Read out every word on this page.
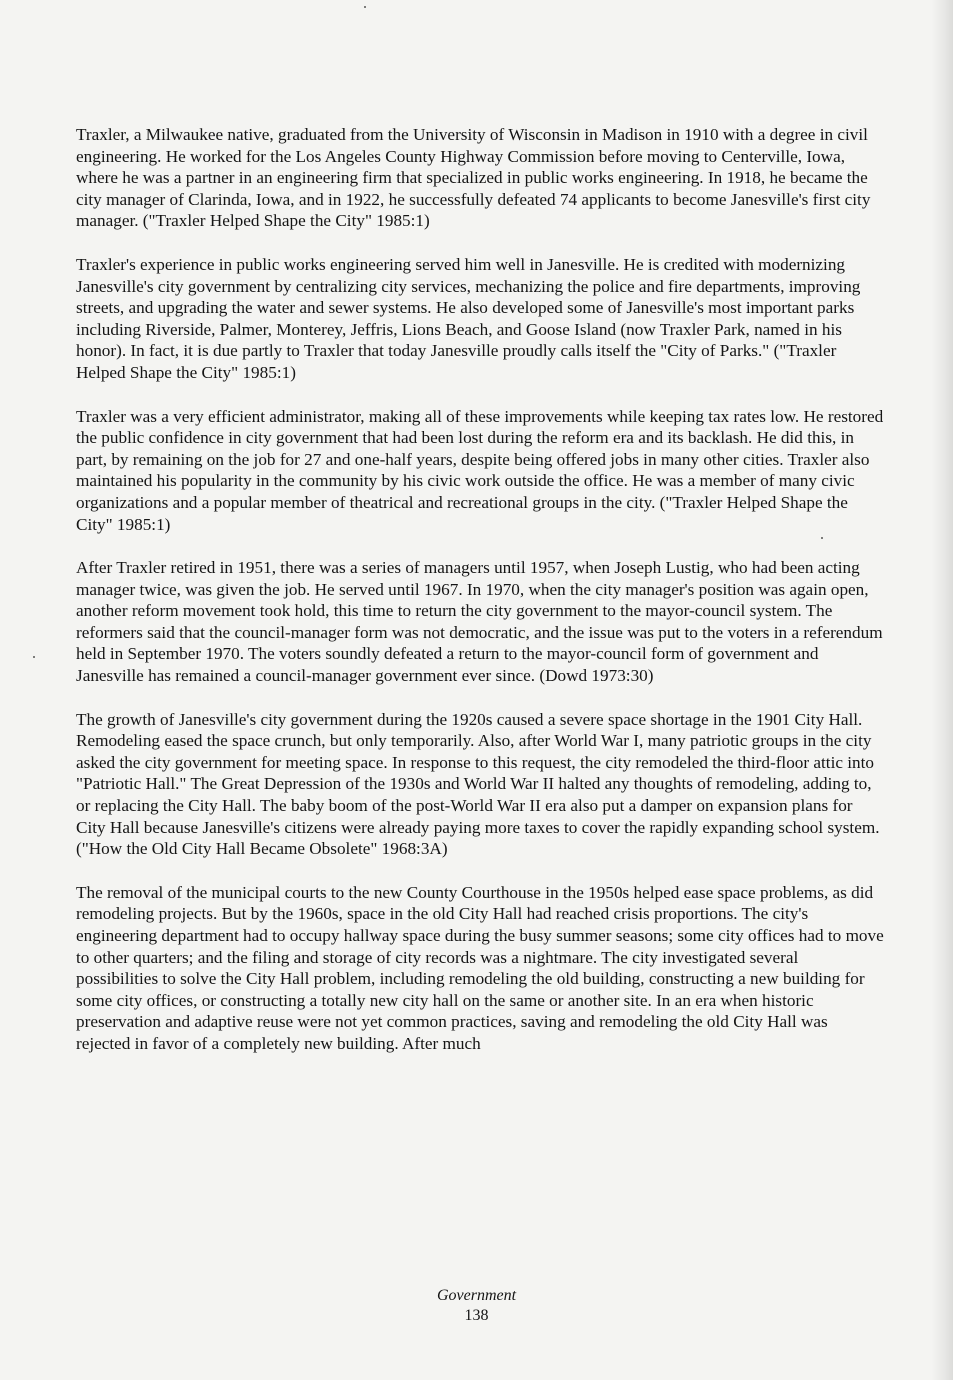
Traxler, a Milwaukee native, graduated from the University of Wisconsin in Madison in 1910 with a degree in civil engineering. He worked for the Los Angeles County Highway Commission before moving to Centerville, Iowa, where he was a partner in an engineering firm that specialized in public works engineering. In 1918, he became the city manager of Clarinda, Iowa, and in 1922, he successfully defeated 74 applicants to become Janesville's first city manager. ("Traxler Helped Shape the City" 1985:1)

Traxler's experience in public works engineering served him well in Janesville. He is credited with modernizing Janesville's city government by centralizing city services, mechanizing the police and fire departments, improving streets, and upgrading the water and sewer systems. He also developed some of Janesville's most important parks including Riverside, Palmer, Monterey, Jeffris, Lions Beach, and Goose Island (now Traxler Park, named in his honor). In fact, it is due partly to Traxler that today Janesville proudly calls itself the "City of Parks." ("Traxler Helped Shape the City" 1985:1)

Traxler was a very efficient administrator, making all of these improvements while keeping tax rates low. He restored the public confidence in city government that had been lost during the reform era and its backlash. He did this, in part, by remaining on the job for 27 and one-half years, despite being offered jobs in many other cities. Traxler also maintained his popularity in the community by his civic work outside the office. He was a member of many civic organizations and a popular member of theatrical and recreational groups in the city. ("Traxler Helped Shape the City" 1985:1)

After Traxler retired in 1951, there was a series of managers until 1957, when Joseph Lustig, who had been acting manager twice, was given the job. He served until 1967. In 1970, when the city manager's position was again open, another reform movement took hold, this time to return the city government to the mayor-council system. The reformers said that the council-manager form was not democratic, and the issue was put to the voters in a referendum held in September 1970. The voters soundly defeated a return to the mayor-council form of government and Janesville has remained a council-manager government ever since. (Dowd 1973:30)

The growth of Janesville's city government during the 1920s caused a severe space shortage in the 1901 City Hall. Remodeling eased the space crunch, but only temporarily. Also, after World War I, many patriotic groups in the city asked the city government for meeting space. In response to this request, the city remodeled the third-floor attic into "Patriotic Hall." The Great Depression of the 1930s and World War II halted any thoughts of remodeling, adding to, or replacing the City Hall. The baby boom of the post-World War II era also put a damper on expansion plans for City Hall because Janesville's citizens were already paying more taxes to cover the rapidly expanding school system. ("How the Old City Hall Became Obsolete" 1968:3A)

The removal of the municipal courts to the new County Courthouse in the 1950s helped ease space problems, as did remodeling projects. But by the 1960s, space in the old City Hall had reached crisis proportions. The city's engineering department had to occupy hallway space during the busy summer seasons; some city offices had to move to other quarters; and the filing and storage of city records was a nightmare. The city investigated several possibilities to solve the City Hall problem, including remodeling the old building, constructing a new building for some city offices, or constructing a totally new city hall on the same or another site. In an era when historic preservation and adaptive reuse were not yet common practices, saving and remodeling the old City Hall was rejected in favor of a completely new building. After much

Government
138
